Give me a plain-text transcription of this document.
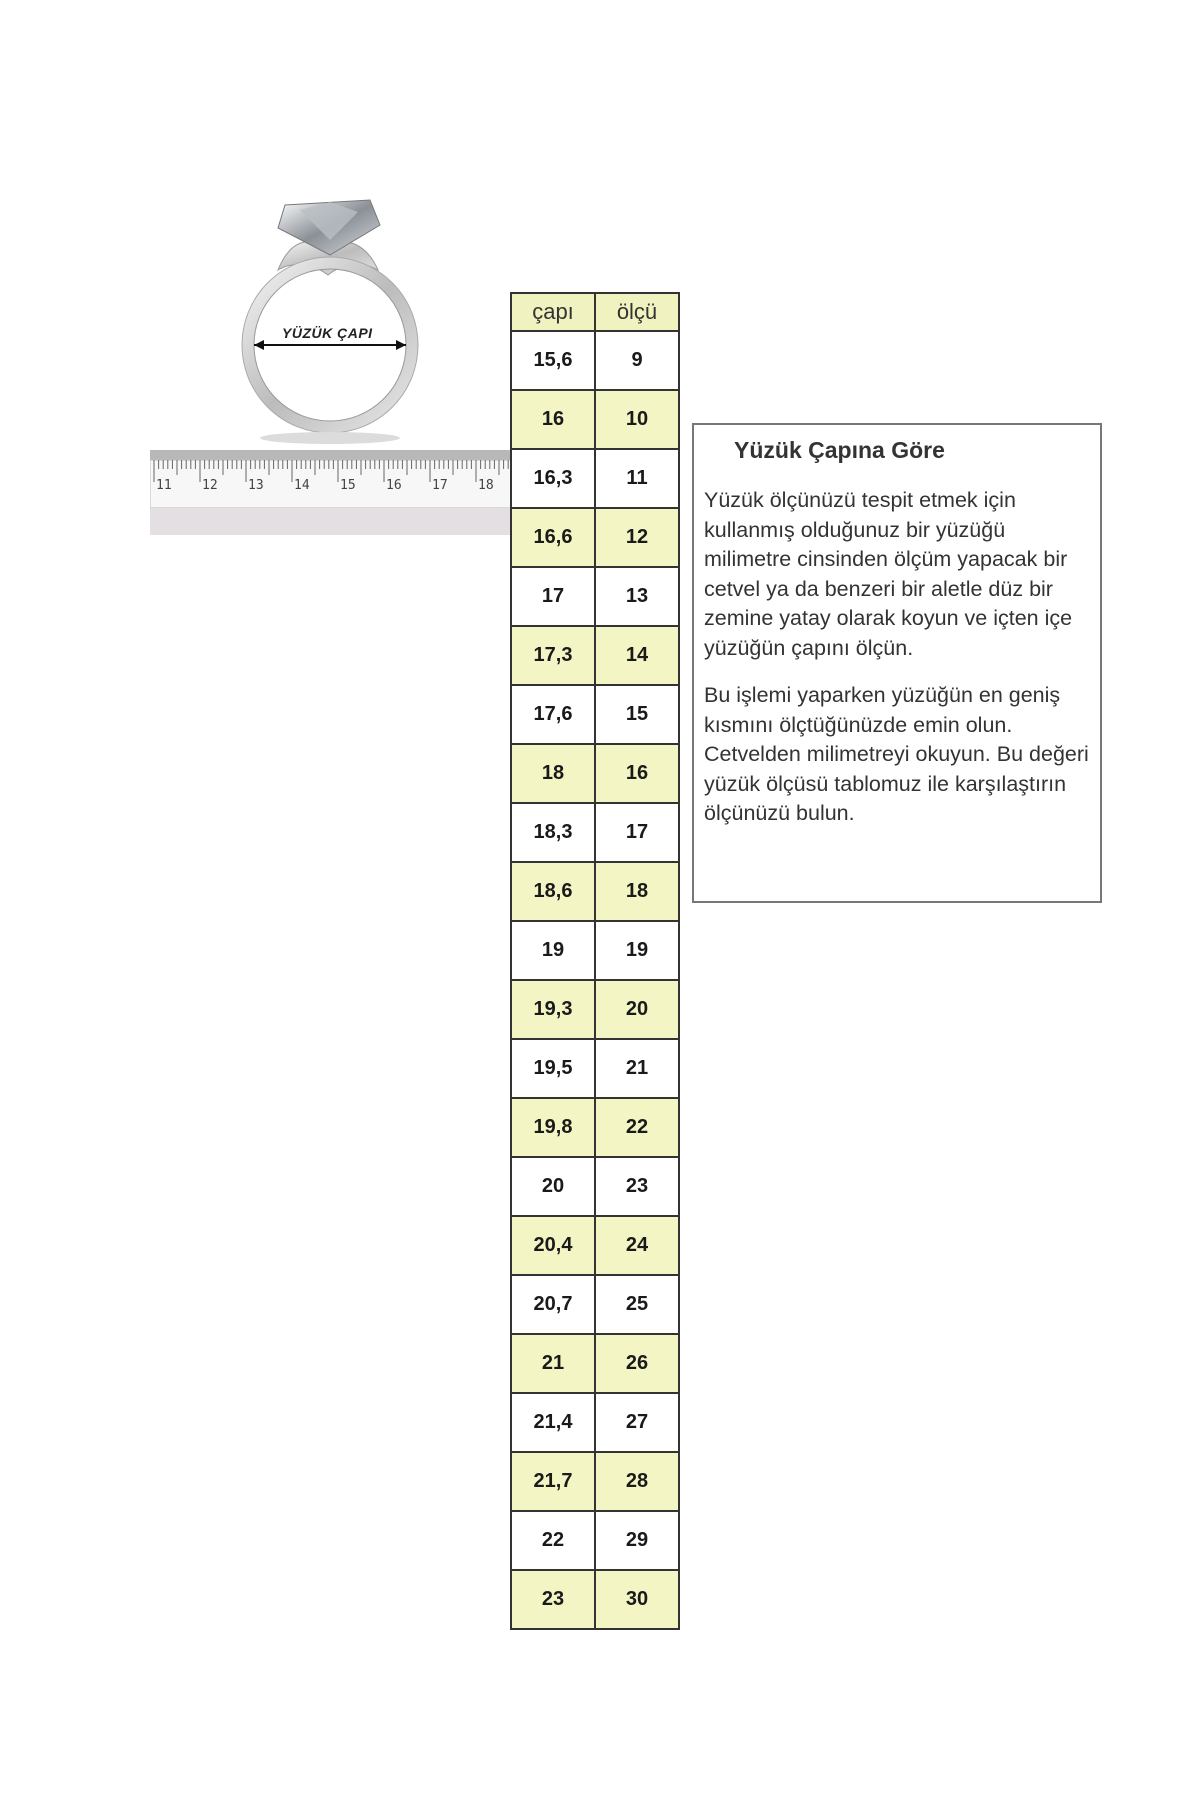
YÜZÜK ÇAPI
11 12 13 14 15 16 17 18
çapı	ölçü
15,6	9
16	10
16,3	11
16,6	12
17	13
17,3	14
17,6	15
18	16
18,3	17
18,6	18
19	19
19,3	20
19,5	21
19,8	22
20	23
20,4	24
20,7	25
21	26
21,4	27
21,7	28
22	29
23	30
Yüzük Çapına Göre

Yüzük ölçünüzü tespit etmek için kullanmış olduğunuz bir yüzüğü milimetre cinsinden ölçüm yapacak bir cetvel ya da benzeri bir aletle düz bir zemine yatay olarak koyun ve içten içe yüzüğün çapını ölçün.

Bu işlemi yaparken yüzüğün en geniş kısmını ölçtüğünüzde emin olun. Cetvelden milimetreyi okuyun. Bu değeri yüzük ölçüsü tablomuz ile karşılaştırın ölçünüzü bulun.
